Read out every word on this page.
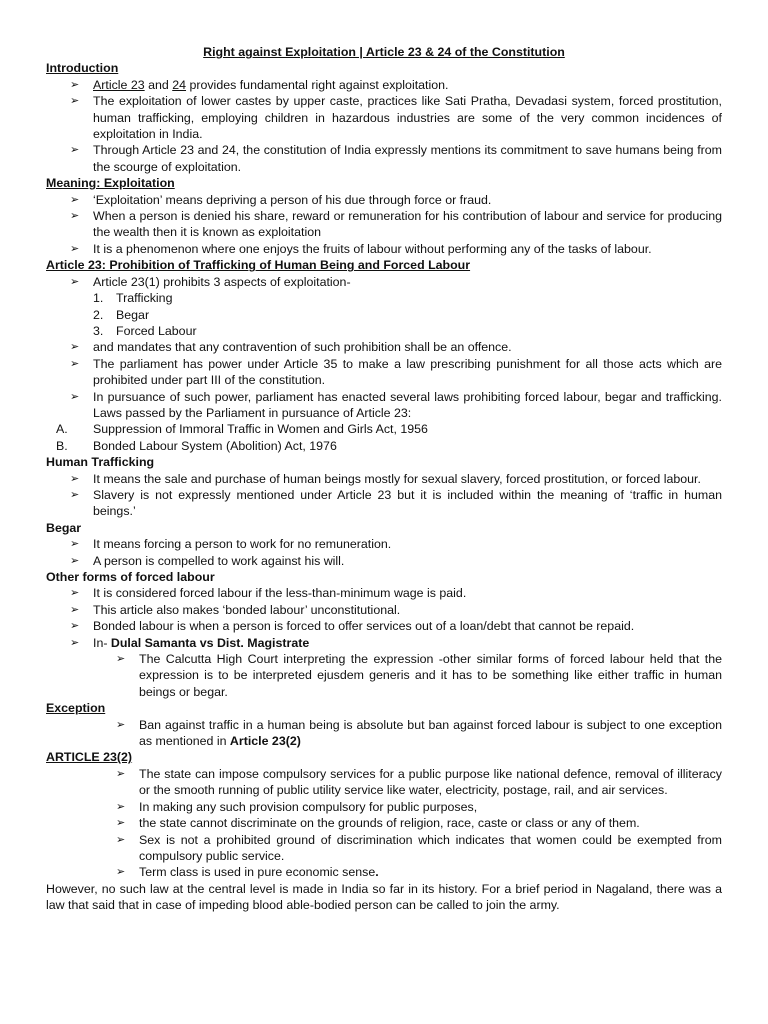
Right against Exploitation | Article 23 & 24 of the Constitution
Introduction
➢ Article 23 and 24 provides fundamental right against exploitation.
➢ The exploitation of lower castes by upper caste, practices like Sati Pratha, Devadasi system, forced prostitution, human trafficking, employing children in hazardous industries are some of the very common incidences of exploitation in India.
➢ Through Article 23 and 24, the constitution of India expressly mentions its commitment to save humans being from the scourge of exploitation.
Meaning: Exploitation
➢ ‘Exploitation’ means depriving a person of his due through force or fraud.
➢ When a person is denied his share, reward or remuneration for his contribution of labour and service for producing the wealth then it is known as exploitation
➢ It is a phenomenon where one enjoys the fruits of labour without performing any of the tasks of labour.
Article 23: Prohibition of Trafficking of Human Being and Forced Labour
➢ Article 23(1) prohibits 3 aspects of exploitation-
1. Trafficking
2. Begar
3. Forced Labour
➢ and mandates that any contravention of such prohibition shall be an offence.
➢ The parliament has power under Article 35 to make a law prescribing punishment for all those acts which are prohibited under part III of the constitution.
➢ In pursuance of such power, parliament has enacted several laws prohibiting forced labour, begar and trafficking. Laws passed by the Parliament in pursuance of Article 23:
A. Suppression of Immoral Traffic in Women and Girls Act, 1956
B. Bonded Labour System (Abolition) Act, 1976
Human Trafficking
➢ It means the sale and purchase of human beings mostly for sexual slavery, forced prostitution, or forced labour.
➢ Slavery is not expressly mentioned under Article 23 but it is included within the meaning of ‘traffic in human beings.’
Begar
➢ It means forcing a person to work for no remuneration.
➢ A person is compelled to work against his will.
Other forms of forced labour
➢ It is considered forced labour if the less-than-minimum wage is paid.
➢ This article also makes ‘bonded labour’ unconstitutional.
➢ Bonded labour is when a person is forced to offer services out of a loan/debt that cannot be repaid.
➢ In- Dulal Samanta vs Dist. Magistrate
➢ The Calcutta High Court interpreting the expression -other similar forms of forced labour held that the expression is to be interpreted ejusdem generis and it has to be something like either traffic in human beings or begar.
Exception
➢ Ban against traffic in a human being is absolute but ban against forced labour is subject to one exception as mentioned in Article 23(2)
ARTICLE 23(2)
➢ The state can impose compulsory services for a public purpose like national defence, removal of illiteracy or the smooth running of public utility service like water, electricity, postage, rail, and air services.
➢ In making any such provision compulsory for public purposes,
➢ the state cannot discriminate on the grounds of religion, race, caste or class or any of them.
➢ Sex is not a prohibited ground of discrimination which indicates that women could be exempted from compulsory public service.
➢ Term class is used in pure economic sense.
However, no such law at the central level is made in India so far in its history. For a brief period in Nagaland, there was a law that said that in case of impeding blood able-bodied person can be called to join the army.
